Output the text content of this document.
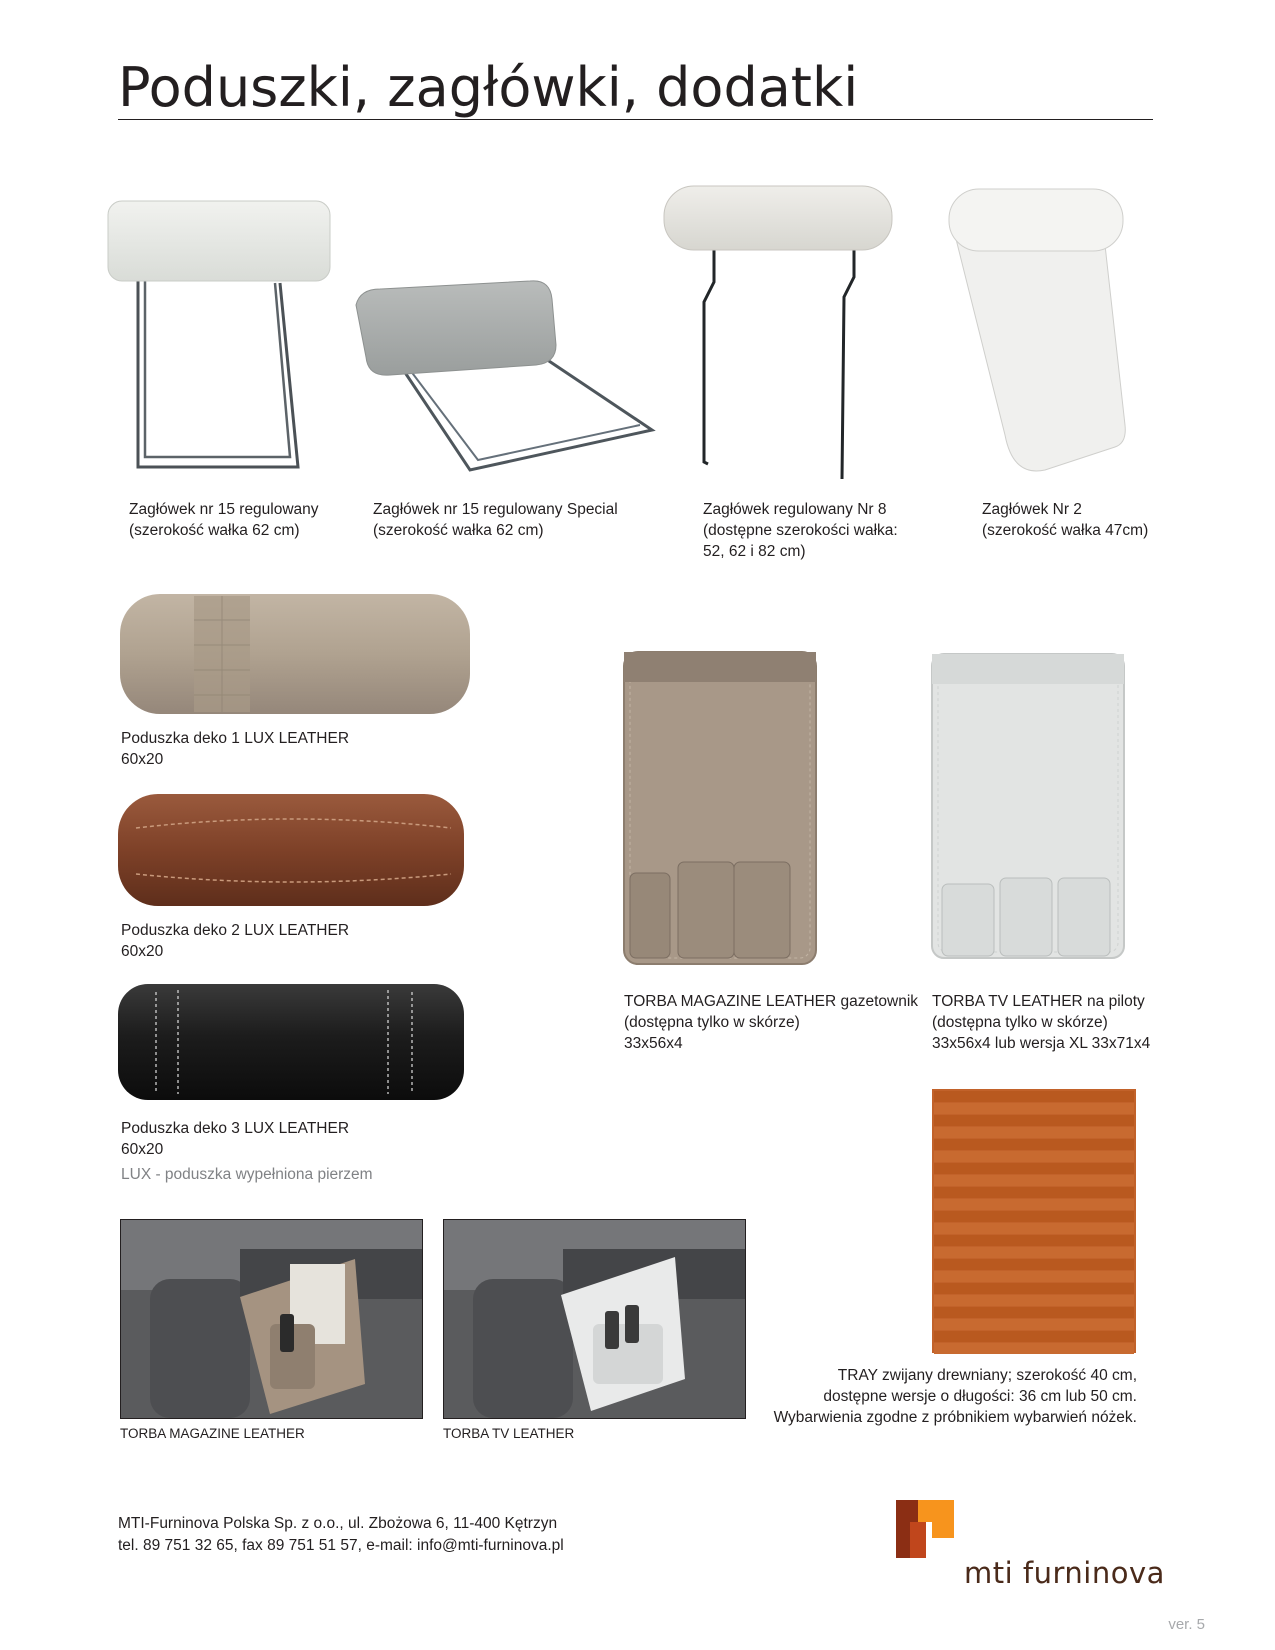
Poduszki, zagłówki, dodatki
Zagłówek nr 15 regulowany
(szerokość wałka 62 cm)
Zagłówek nr 15 regulowany Special
(szerokość wałka 62 cm)
Zagłówek regulowany Nr 8
(dostępne szerokości wałka:
52, 62 i 82 cm)
Zagłówek Nr 2
(szerokość wałka 47cm)
Poduszka deko 1 LUX LEATHER
60x20
Poduszka deko 2 LUX LEATHER
60x20
Poduszka deko 3 LUX LEATHER
60x20
LUX - poduszka wypełniona pierzem
TORBA MAGAZINE LEATHER gazetownik
(dostępna tylko w skórze)
33x56x4
TORBA TV LEATHER na piloty
(dostępna tylko w skórze)
33x56x4 lub wersja XL 33x71x4
TRAY zwijany drewniany; szerokość 40 cm,
dostępne wersje o długości: 36 cm lub 50 cm.
Wybarwienia zgodne z próbnikiem wybarwień nóżek.
TORBA MAGAZINE LEATHER	TORBA TV LEATHER
MTI-Furninova Polska Sp. z o.o., ul. Zbożowa 6, 11-400 Kętrzyn
tel. 89 751 32 65, fax 89 751 51 57, e-mail: info@mti-furninova.pl
mti furninova
ver. 5
